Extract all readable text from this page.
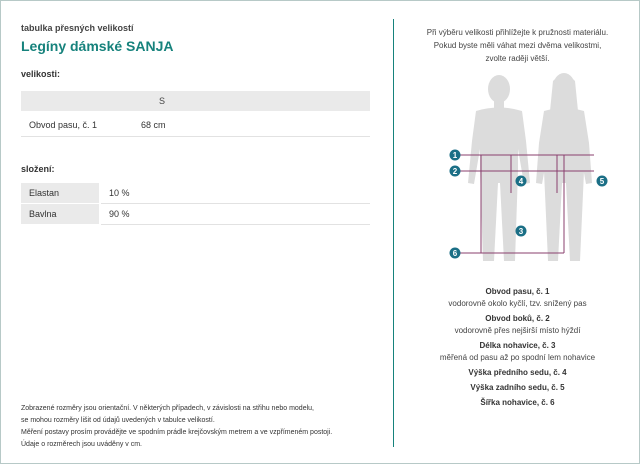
tabulka přesných velikostí
Legíny dámské SANJA
velikosti:
S
Obvod pasu, č. 1	68 cm
složení:
Elastan	10 %
Bavlna	90 %
Zobrazené rozměry jsou orientační. V některých případech, v závislosti na střihu nebo modelu,
se mohou rozměry lišit od údajů uvedených v tabulce velikostí.
Měření postavy prosím provádějte ve spodním prádle krejčovským metrem a ve vzpřímeném postoji.
Údaje o rozměrech jsou uváděny v cm.
Při výběru velikosti přihlížejte k pružnosti materiálu.
Pokud byste měli váhat mezi dvěma velikostmi,
zvolte raději větší.
1
2
3
4	5
6
Obvod pasu, č. 1
vodorovně okolo kyčlí, tzv. snížený pas
Obvod boků, č. 2
vodorovně přes nejširší místo hýždí
Délka nohavice, č. 3
měřená od pasu až po spodní lem nohavice
Výška předního sedu, č. 4
Výška zadního sedu, č. 5
Šířka nohavice, č. 6
